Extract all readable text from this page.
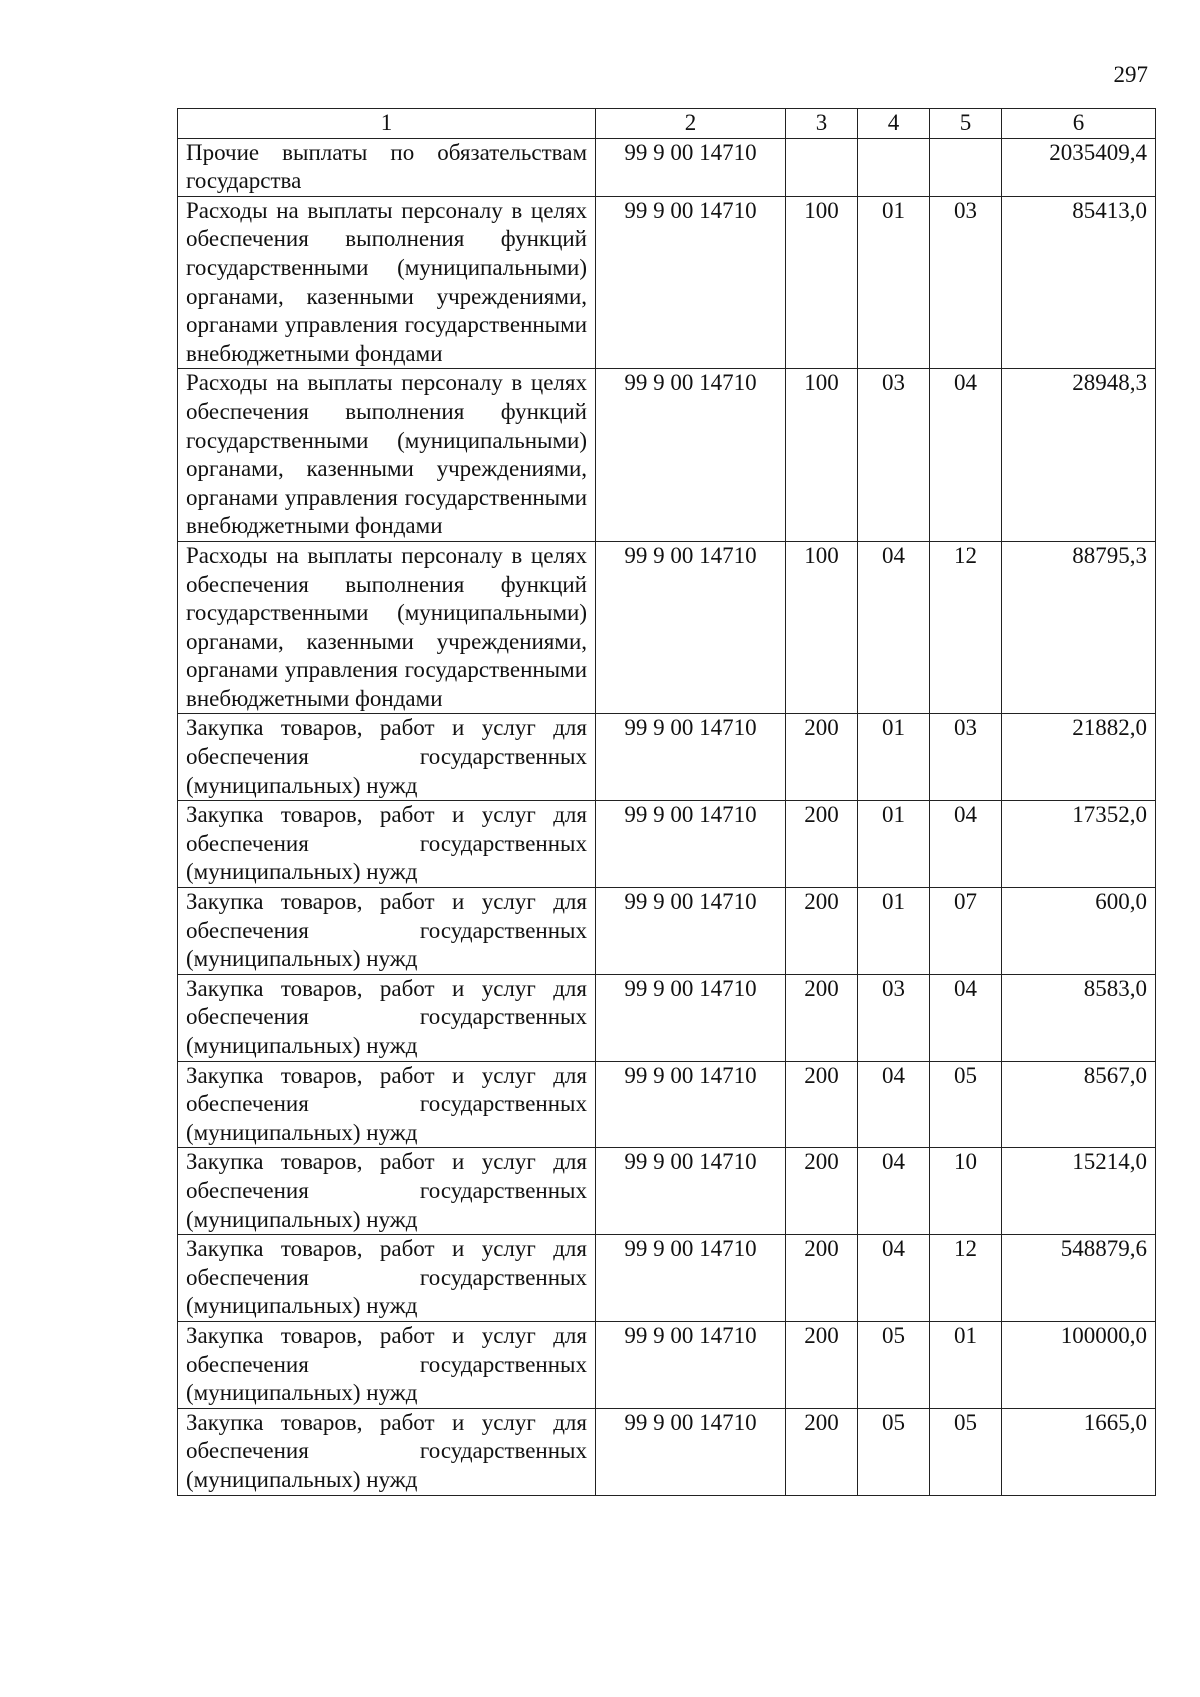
297
1	2	3	4	5	6
Прочие выплаты по обязательствам государства	99 9 00 14710				2035409,4
Расходы на выплаты персоналу в целях обеспечения выполнения функций государственными (муниципальными) органами, казенными учреждениями, органами управления государственными внебюджетными фондами	99 9 00 14710	100	01	03	85413,0
Расходы на выплаты персоналу в целях обеспечения выполнения функций государственными (муниципальными) органами, казенными учреждениями, органами управления государственными внебюджетными фондами	99 9 00 14710	100	03	04	28948,3
Расходы на выплаты персоналу в целях обеспечения выполнения функций государственными (муниципальными) органами, казенными учреждениями, органами управления государственными внебюджетными фондами	99 9 00 14710	100	04	12	88795,3
Закупка товаров, работ и услуг для обеспечения государственных (муниципальных) нужд	99 9 00 14710	200	01	03	21882,0
Закупка товаров, работ и услуг для обеспечения государственных (муниципальных) нужд	99 9 00 14710	200	01	04	17352,0
Закупка товаров, работ и услуг для обеспечения государственных (муниципальных) нужд	99 9 00 14710	200	01	07	600,0
Закупка товаров, работ и услуг для обеспечения государственных (муниципальных) нужд	99 9 00 14710	200	03	04	8583,0
Закупка товаров, работ и услуг для обеспечения государственных (муниципальных) нужд	99 9 00 14710	200	04	05	8567,0
Закупка товаров, работ и услуг для обеспечения государственных (муниципальных) нужд	99 9 00 14710	200	04	10	15214,0
Закупка товаров, работ и услуг для обеспечения государственных (муниципальных) нужд	99 9 00 14710	200	04	12	548879,6
Закупка товаров, работ и услуг для обеспечения государственных (муниципальных) нужд	99 9 00 14710	200	05	01	100000,0
Закупка товаров, работ и услуг для обеспечения государственных (муниципальных) нужд	99 9 00 14710	200	05	05	1665,0
